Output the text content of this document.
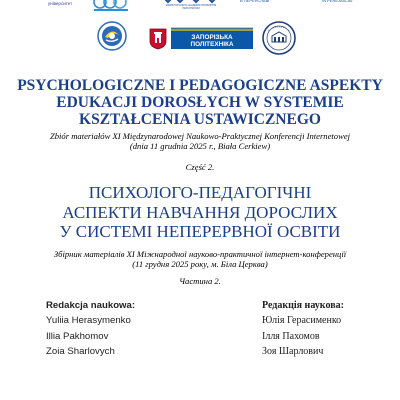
університет	МІЖРЕГІОНАЛЬНА АКАДЕМІЯ УПРАВЛІННЯ ПЕРСОНАЛОМ
В ПЕРЕЯСЛАВІ	IN PEREJASLAV
ЗАПОРІЗЬКА ПОЛІТЕХНІКА
PSYCHOLOGICZNE I PEDAGOGICZNE ASPEKTY
EDUKACJI DOROSŁYCH W SYSTEMIE
KSZTAŁCENIA USTAWICZNEGO
Zbiór materiałów XI Międzynarodowej Naukowo-Praktycznej Konferencji Internetowej
(dnia 11 grudnia 2025 r., Biała Cerkiew)
Część 2.
ПСИХОЛОГО-ПЕДАГОГІЧНІ
АСПЕКТИ НАВЧАННЯ ДОРОСЛИХ
У СИСТЕМІ НЕПЕРЕРВНОЇ ОСВІТИ
Збірник матеріалів XI Міжнародної науково-практичної інтернет-конференції
(11 грудня 2025 року, м. Біла Церква)
Частина 2.
Redakcja naukowa:
Yuliia Herasymenko
Illia Pakhomov
Zoia Sharlovych
Редакція наукова:
Юлія Герасименко
Ілля Пахомов
Зоя Шарлович
